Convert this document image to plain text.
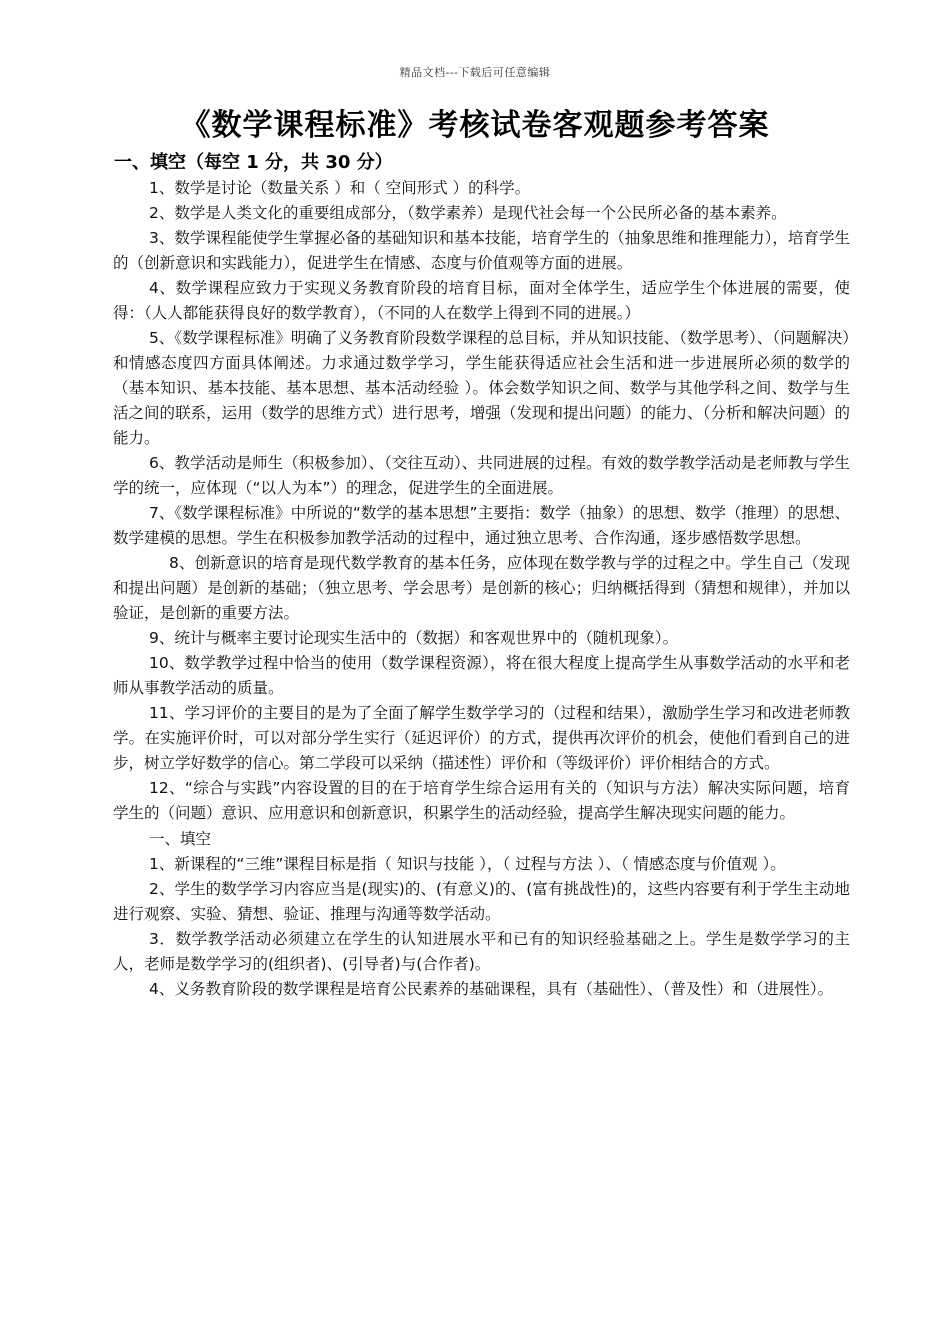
精品文档---下载后可任意编辑
《数学课程标准》考核试卷客观题参考答案

一、填空（每空 1 分，共 30 分）

1、数学是讨论（数量关系 ）和（ 空间形式 ）的科学。

2、数学是人类文化的重要组成部分，（数学素养）是现代社会每一个公民所必备的基本素养。

3、数学课程能使学生掌握必备的基础知识和基本技能，培育学生的（抽象思维和推理能力），培育学生的（创新意识和实践能力），促进学生在情感、态度与价值观等方面的进展。

4、数学课程应致力于实现义务教育阶段的培育目标，面对全体学生，适应学生个体进展的需要，使得：（人人都能获得良好的数学教育），（不同的人在数学上得到不同的进展。）

5、《数学课程标准》明确了义务教育阶段数学课程的总目标，并从知识技能、（数学思考）、（问题解决）和情感态度四方面具体阐述。力求通过数学学习，学生能获得适应社会生活和进一步进展所必须的数学的（基本知识、基本技能、基本思想、基本活动经验 ）。体会数学知识之间、数学与其他学科之间、数学与生活之间的联系，运用（数学的思维方式）进行思考，增强（发现和提出问题）的能力、（分析和解决问题）的能力。

6、教学活动是师生（积极参加）、（交往互动）、共同进展的过程。有效的数学教学活动是老师教与学生学的统一，应体现（“以人为本”）的理念，促进学生的全面进展。

7、《数学课程标准》中所说的“数学的基本思想”主要指：数学（抽象）的思想、数学（推理）的思想、数学建模的思想。学生在积极参加教学活动的过程中，通过独立思考、合作沟通，逐步感悟数学思想。

8、创新意识的培育是现代数学教育的基本任务，应体现在数学教与学的过程之中。学生自己（发现和提出问题）是创新的基础；（独立思考、学会思考）是创新的核心；归纳概括得到（猜想和规律），并加以验证，是创新的重要方法。

9、统计与概率主要讨论现实生活中的（数据）和客观世界中的（随机现象）。

10、数学教学过程中恰当的使用（数学课程资源），将在很大程度上提高学生从事数学活动的水平和老师从事教学活动的质量。

11、学习评价的主要目的是为了全面了解学生数学学习的（过程和结果），激励学生学习和改进老师教学。在实施评价时，可以对部分学生实行（延迟评价）的方式，提供再次评价的机会，使他们看到自己的进步，树立学好数学的信心。第二学段可以采纳（描述性）评价和（等级评价）评价相结合的方式。

12、“综合与实践”内容设置的目的在于培育学生综合运用有关的（知识与方法）解决实际问题，培育学生的（问题）意识、应用意识和创新意识，积累学生的活动经验，提高学生解决现实问题的能力。

一、填空

1、新课程的“三维”课程目标是指（ 知识与技能 ），（ 过程与方法 ）、（ 情感态度与价值观 ）。

2、学生的数学学习内容应当是(现实)的、(有意义)的、(富有挑战性)的，这些内容要有利于学生主动地进行观察、实验、猜想、验证、推理与沟通等数学活动。

3．数学教学活动必须建立在学生的认知进展水平和已有的知识经验基础之上。学生是数学学习的主人，老师是数学学习的(组织者)、(引导者)与(合作者)。

4、义务教育阶段的数学课程是培育公民素养的基础课程，具有（基础性）、（普及性）和（进展性）。
